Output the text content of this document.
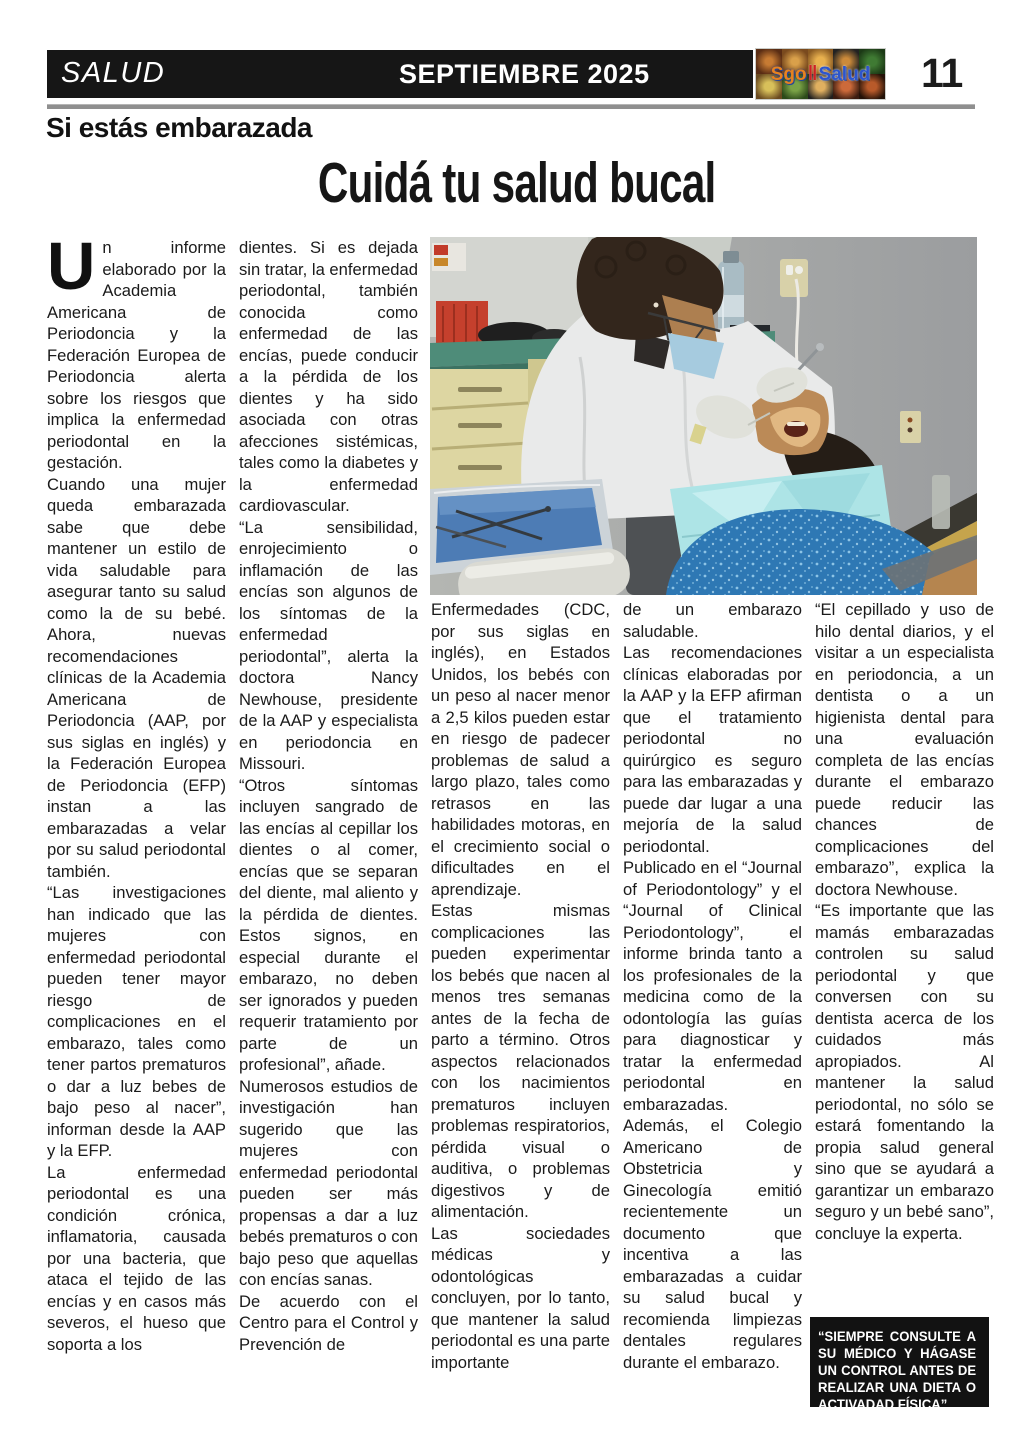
SALUD	SEPTIEMBRE 2025	Sgo ‖ Salud 11
Si estás embarazada
Cuidá tu salud bucal

Un informe elaborado por la Academia Americana de Periodoncia y la Federación Europea de Periodoncia alerta sobre los riesgos que implica la enfermedad periodontal en la gestación.

Cuando una mujer queda embarazada sabe que debe mantener un estilo de vida saludable para asegurar tanto su salud como la de su bebé. Ahora, nuevas recomendaciones clínicas de la Academia Americana de Periodoncia (AAP, por sus siglas en inglés) y la Federación Europea de Periodoncia (EFP) instan a las embarazadas a velar por su salud periodontal también.

“Las investigaciones han indicado que las mujeres con enfermedad periodontal pueden tener mayor riesgo de complicaciones en el embarazo, tales como tener partos prematuros o dar a luz bebes de bajo peso al nacer”, informan desde la AAP y la EFP.

La enfermedad periodontal es una condición crónica, inflamatoria, causada por una bacteria, que ataca el tejido de las encías y en casos más severos, el hueso que soporta a los

dientes. Si es dejada sin tratar, la enfermedad periodontal, también conocida como enfermedad de las encías, puede conducir a la pérdida de los dientes y ha sido asociada con otras afecciones sistémicas, tales como la diabetes y la enfermedad cardiovascular.

“La sensibilidad, enrojecimiento o inflamación de las encías son algunos de los síntomas de la enfermedad periodontal”, alerta la doctora Nancy Newhouse, presidente de la AAP y especialista en periodoncia en Missouri.

“Otros síntomas incluyen sangrado de las encías al cepillar los dientes o al comer, encías que se separan del diente, mal aliento y la pérdida de dientes. Estos signos, en especial durante el embarazo, no deben ser ignorados y pueden requerir tratamiento por parte de un profesional”, añade.

Numerosos estudios de investigación han sugerido que las mujeres con enfermedad periodontal pueden ser más propensas a dar a luz bebés prematuros o con bajo peso que aquellas con encías sanas.

De acuerdo con el Centro para el Control y Prevención de

Enfermedades (CDC, por sus siglas en inglés), en Estados Unidos, los bebés con un peso al nacer menor a 2,5 kilos pueden estar en riesgo de padecer problemas de salud a largo plazo, tales como retrasos en las habilidades motoras, en el crecimiento social o dificultades en el aprendizaje.

Estas mismas complicaciones las pueden experimentar los bebés que nacen al menos tres semanas antes de la fecha de parto a término. Otros aspectos relacionados con los nacimientos prematuros incluyen problemas respiratorios, pérdida visual o auditiva, o problemas digestivos y de alimentación.

Las sociedades médicas y odontológicas concluyen, por lo tanto, que mantener la salud periodontal es una parte importante

de un embarazo saludable.

Las recomendaciones clínicas elaboradas por la AAP y la EFP afirman que el tratamiento periodontal no quirúrgico es seguro para las embarazadas y puede dar lugar a una mejoría de la salud periodontal.

Publicado en el “Journal of Periodontology” y el “Journal of Clinical Periodontology”, el informe brinda tanto a los profesionales de la medicina como de la odontología las guías para diagnosticar y tratar la enfermedad periodontal en embarazadas.

Además, el Colegio Americano de Obstetricia y Ginecología emitió recientemente un documento que incentiva a las embarazadas a cuidar su salud bucal y recomienda limpiezas dentales regulares durante el embarazo.

“El cepillado y uso de hilo dental diarios, y el visitar a un especialista en periodoncia, a un dentista o a un higienista dental para una evaluación completa de las encías durante el embarazo puede reducir las chances de complicaciones del embarazo”, explica la doctora Newhouse.

“Es importante que las mamás embarazadas controlen su salud periodontal y que conversen con su dentista acerca de los cuidados más apropiados. Al mantener la salud periodontal, no sólo se estará fomentando la propia salud general sino que se ayudará a garantizar un embarazo seguro y un bebé sano”, concluye la experta.

“SIEMPRE CONSULTE A SU MÉDICO Y HÁGASE UN CONTROL ANTES DE REALIZAR UNA DIETA O ACTIVADAD FÍSICA”
